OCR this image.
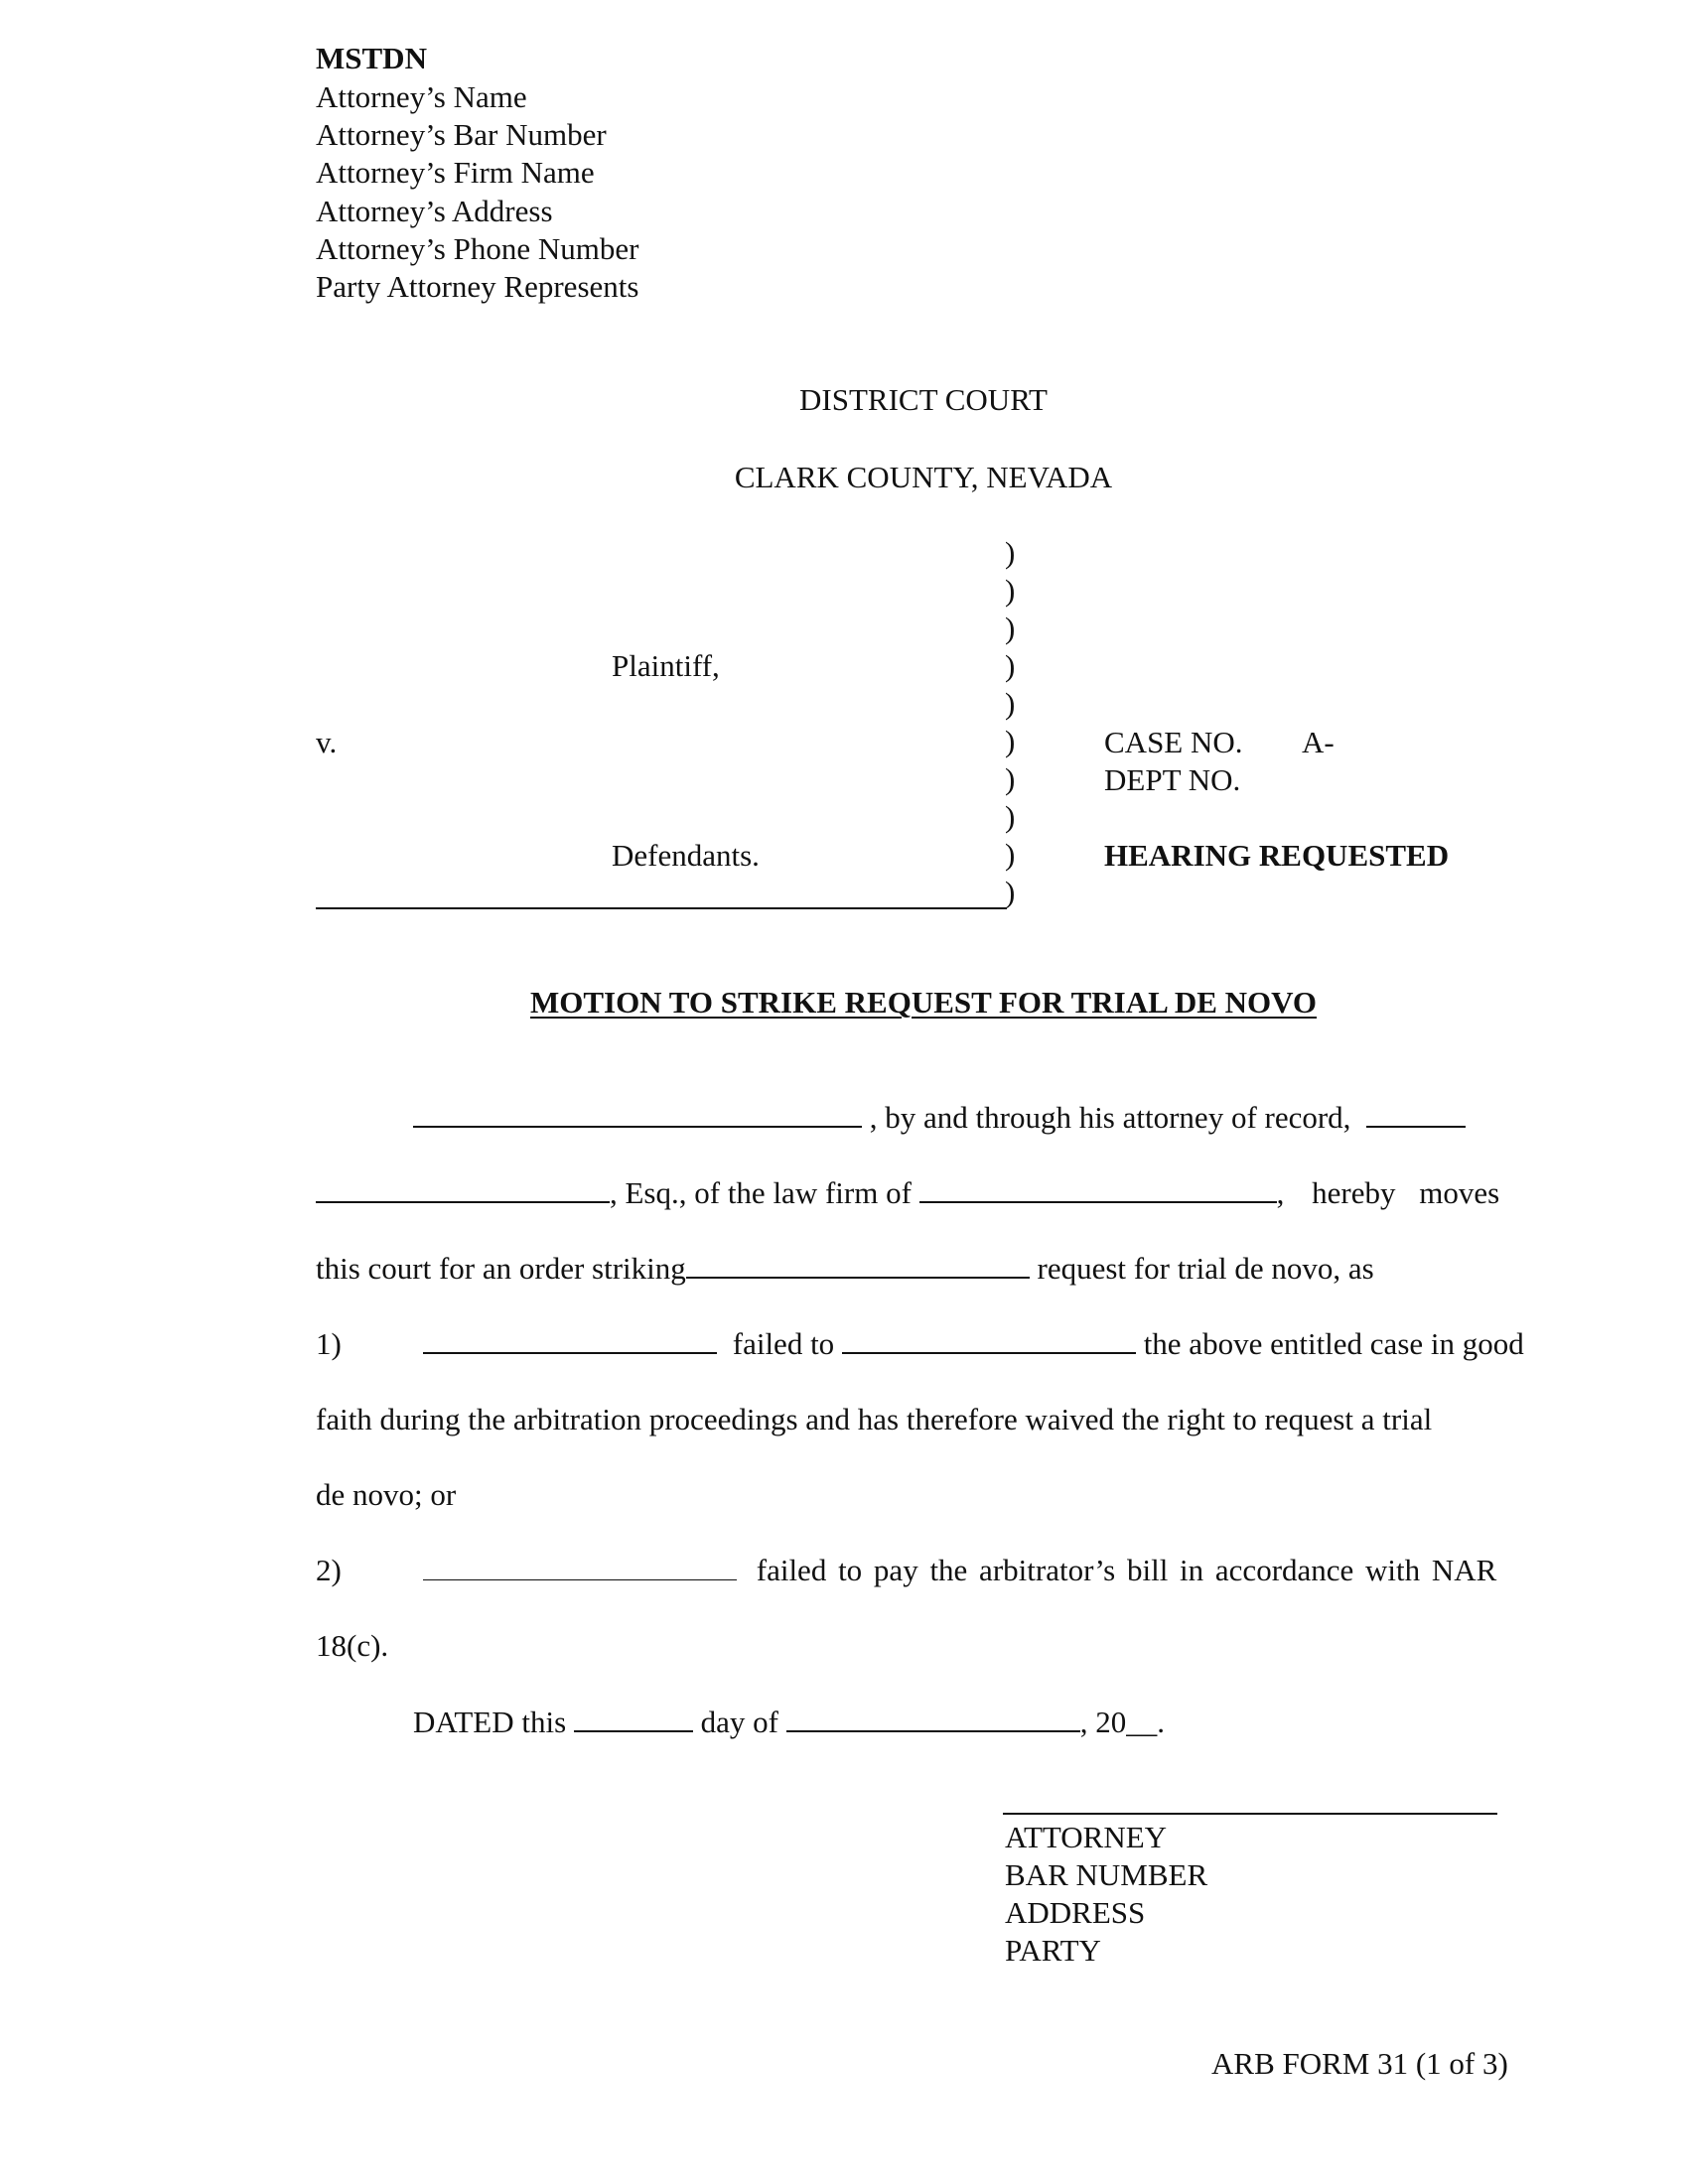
MSTDN
Attorney’s Name
Attorney’s Bar Number
Attorney’s Firm Name
Attorney’s Address
Attorney’s Phone Number
Party Attorney Represents
DISTRICT COURT
CLARK COUNTY, NEVADA
Plaintiff,
v.
Defendants.
)
)
)
)
)
)
)
)
)
)
CASE NO. A-
DEPT NO.
HEARING REQUESTED
MOTION TO STRIKE REQUEST FOR TRIAL DE NOVO
, by and through his attorney of record,
, Esq., of the law firm of	, hereby moves
this court for an order striking	request for trial de novo, as
1)	failed to	the above entitled case in good
faith during the arbitration proceedings and has therefore waived the right to request a trial
de novo; or
2)	failed to pay the arbitrator’s bill in accordance with NAR
18(c).
DATED this	day of	, 20__.
ATTORNEY
BAR NUMBER
ADDRESS
PARTY
ARB FORM 31 (1 of 3)
